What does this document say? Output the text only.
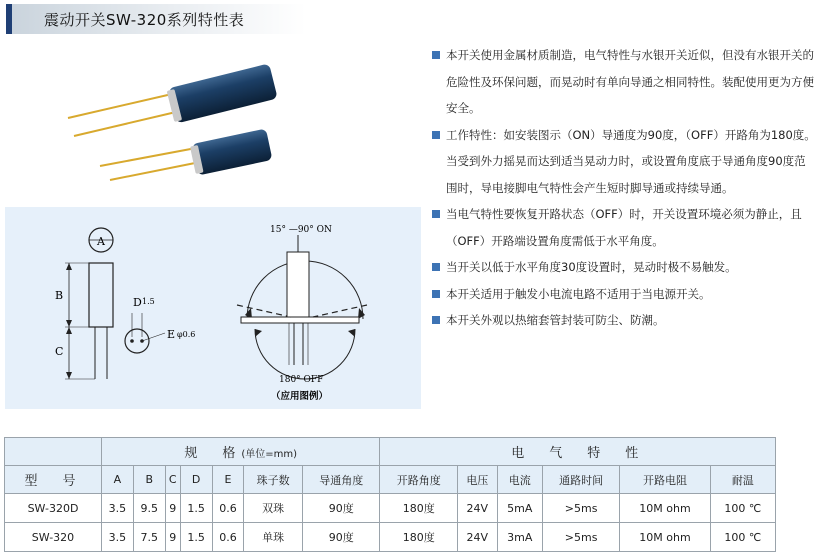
震动开关SW-320系列特性表
A
B
C
D 1.5
E φ0.6
15° —90° ON
180° OFF
（应用图例）
本开关使用金属材质制造，电气特性与水银开关近似，但没有水银开关的危险性及环保问题，而晃动时有单向导通之相同特性。装配使用更为方便安全。
工作特性：如安装图示（ON）导通度为90度，（OFF）开路角为180度。当受到外力摇晃而达到适当晃动力时，或设置角度底于导通角度90度范围时，导电接脚电气特性会产生短时脚导通或持续导通。
当电气特性要恢复开路状态（OFF）时，开关设置环境必须为静止，且（OFF）开路端设置角度需低于水平角度。
当开关以低于水平角度30度设置时，晃动时极不易触发。
本开关适用于触发小电流电路不适用于当电源开关。
本开关外观以热缩套管封装可防尘、防潮。
	规　格(单位=mm)							电　气　特　性					
型　号	A	B	C	D	E	珠子数	导通角度	开路角度	电压	电流	通路时间	开路电阻	耐温
SW-320D	3.5	9.5	9	1.5	0.6	双珠	90度	180度	24V	5mA	>5ms	10M ohm	100 ℃
SW-320	3.5	7.5	9	1.5	0.6	单珠	90度	180度	24V	3mA	>5ms	10M ohm	100 ℃
